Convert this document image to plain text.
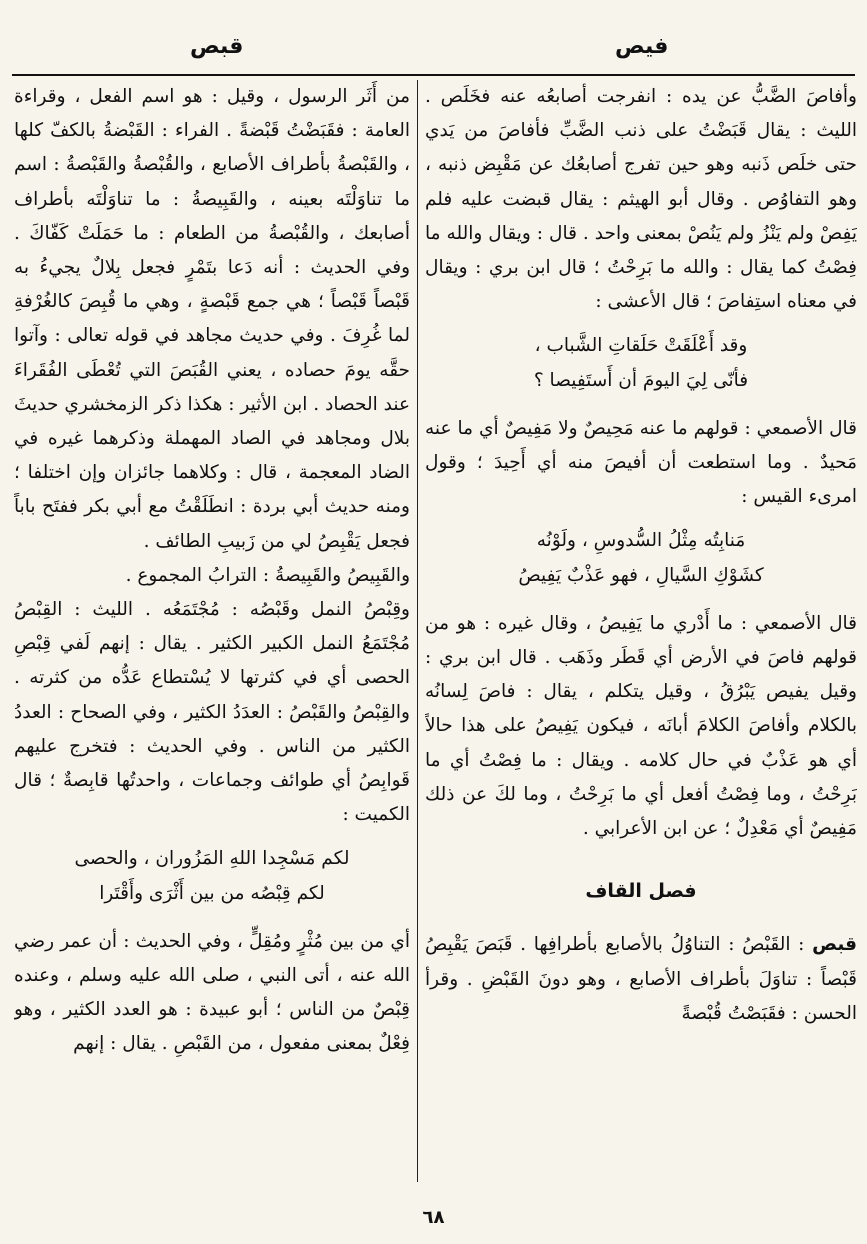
فيص
قبص

وأفاصَ الضَّبُّ عن يده : انفرجت أصابعُه عنه فخَلَص . الليث : يقال قَبَضْتُ على ذنب الضَّبِّ فأفاصَ من يَدي حتى خلَص ذَنبه وهو حين تفرج أصابعُك عن مَقْبِض ذنبه ، وهو التفاوُص . وقال أبو الهيثم : يقال قبضت عليه فلم يَفِصْ ولم يَنْزُ ولم يَنُصْ بمعنى واحد . قال : ويقال والله ما فِصْتُ كما يقال : والله ما بَرِحْتُ ؛ قال ابن بري : ويقال في معناه استِفاصَ ؛ قال الأعشى :

وقد أَعْلَقَتْ حَلَقاتِ الشَّباب ،
فأنّى لِيَ اليومَ أن أَستَفِيصا ؟

قال الأصمعي : قولهم ما عنه مَحِيصٌ ولا مَفِيصٌ أي ما عنه مَحيدٌ . وما استطعت أن أفيصَ منه أي أَحِيدَ ؛ وقول امرىء القيس :

مَنابِتُه مِثْلُ السُّدوسِ ، ولَوْنُه
كشَوْكِ السَّيالِ ، فهو عَذْبٌ يَفِيصُ

قال الأصمعي : ما أَدْري ما يَفِيصُ ، وقال غيره : هو من قولهم فاصَ في الأرض أي قَطَر وذَهَب . قال ابن بري : وقيل يفيص يَبْرُقُ ، وقيل يتكلم ، يقال : فاصَ لِسانُه بالكلام وأفاصَ الكلامَ أبانَه ، فيكون يَفِيصُ على هذا حالاً أي هو عَذْبٌ في حال كلامه . ويقال : ما فِصْتُ أي ما بَرِحْتُ ، وما فِصْتُ أفعل أي ما بَرِحْتُ ، وما لكَ عن ذلك مَفِيصٌ أي مَعْدِلٌ ؛ عن ابن الأعرابي .

فصل القاف

قبص : القَبْصُ : التناوُلُ بالأصابع بأطرافِها . قَبَصَ يَقْبِصُ قَبْصاً : تناوَلَ بأطراف الأصابع ، وهو دونَ القَبْضِ . وقرأ الحسن : فقَبَصْتُ قُبْصةً

من أَثَر الرسول ، وقيل : هو اسم الفعل ، وقراءة العامة : فقَبَضْتُ قَبْضةً . الفراء : القَبْضةُ بالكفّ كلها ، والقَبْصةُ بأطراف الأصابع ، والقُبْصةُ والقَبْصةُ : اسم ما تناوَلْتَه بعينه ، والقَبِيصةُ : ما تناوَلْتَه بأطراف أصابعك ، والقُبْصةُ من الطعام : ما حَمَلَتْ كَفّاكَ . وفي الحديث : أنه دَعا بتَمْرٍ فجعل بِلالٌ يجيءُ به قَبْصاً قَبْصاً ؛ هي جمع قَبْصةٍ ، وهي ما قُبِصَ كالغُرْفةِ لما غُرِفَ . وفي حديث مجاهد في قوله تعالى : وآتوا حقَّه يومَ حصاده ، يعني القُبَصَ التي تُعْطَى الفُقَراءَ عند الحصاد . ابن الأثير : هكذا ذكر الزمخشري حديثَ بلال ومجاهد في الصاد المهملة وذكرهما غيره في الضاد المعجمة ، قال : وكلاهما جائزان وإن اختلفا ؛ ومنه حديث أبي بردة : انطَلَقْتُ مع أبي بكر ففتَح باباً فجعل يَقْبِصُ لي من زَبيبِ الطائف .

والقَبِيصُ والقَبِيصةُ : الترابُ المجموع .

وقِبْصُ النمل وقَبْصُه : مُجْتَمَعُه . الليث : القِبْصُ مُجْتَمَعُ النمل الكبير الكثير . يقال : إنهم لَفي قِبْصِ الحصى أي في كثرتها لا يُسْتطاع عَدُّه من كثرته . والقِبْصُ والقَبْصُ : العدَدُ الكثير ، وفي الصحاح : العددُ الكثير من الناس . وفي الحديث : فتخرج عليهم قَوابِصُ أي طوائف وجماعات ، واحدتُها قابِصةٌ ؛ قال الكميت :

لكم مَسْجِدا اللهِ المَزُوران ، والحصى
لكم قِبْصُه من بين أَثْرَى وأَقْتَرا

أي من بين مُثْرٍ ومُقِلٍّ ، وفي الحديث : أن عمر رضي الله عنه ، أتى النبي ، صلى الله عليه وسلم ، وعنده قِبْصٌ من الناس ؛ أبو عبيدة : هو العدد الكثير ، وهو فِعْلٌ بمعنى مفعول ، من القَبْصِ . يقال : إنهم

٦٨
